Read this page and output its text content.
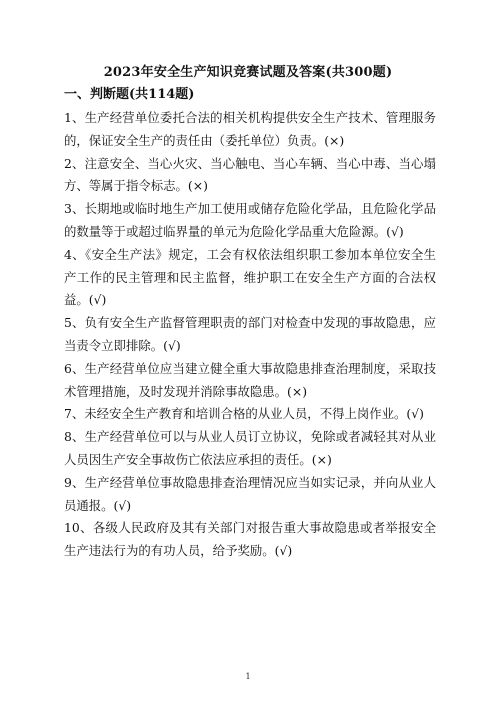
2023年安全生产知识竞赛试题及答案(共300题)
一、判断题(共114题)

1、生产经营单位委托合法的相关机构提供安全生产技术、管理服务的，保证安全生产的责任由（委托单位）负责。(×)

2、注意安全、当心火灾、当心触电、当心车辆、当心中毒、当心塌方、等属于指令标志。(×)

3、长期地或临时地生产加工使用或储存危险化学品，且危险化学品的数量等于或超过临界量的单元为危险化学品重大危险源。(√)

4、《安全生产法》规定，工会有权依法组织职工参加本单位安全生产工作的民主管理和民主监督，维护职工在安全生产方面的合法权益。(√)

5、负有安全生产监督管理职责的部门对检查中发现的事故隐患，应当责令立即排除。(√)

6、生产经营单位应当建立健全重大事故隐患排查治理制度，采取技术管理措施，及时发现并消除事故隐患。(×)

7、未经安全生产教育和培训合格的从业人员，不得上岗作业。(√)

8、生产经营单位可以与从业人员订立协议，免除或者减轻其对从业人员因生产安全事故伤亡依法应承担的责任。(×)

9、生产经营单位事故隐患排查治理情况应当如实记录，并向从业人员通报。(√)

10、各级人民政府及其有关部门对报告重大事故隐患或者举报安全生产违法行为的有功人员，给予奖励。(√)

1
